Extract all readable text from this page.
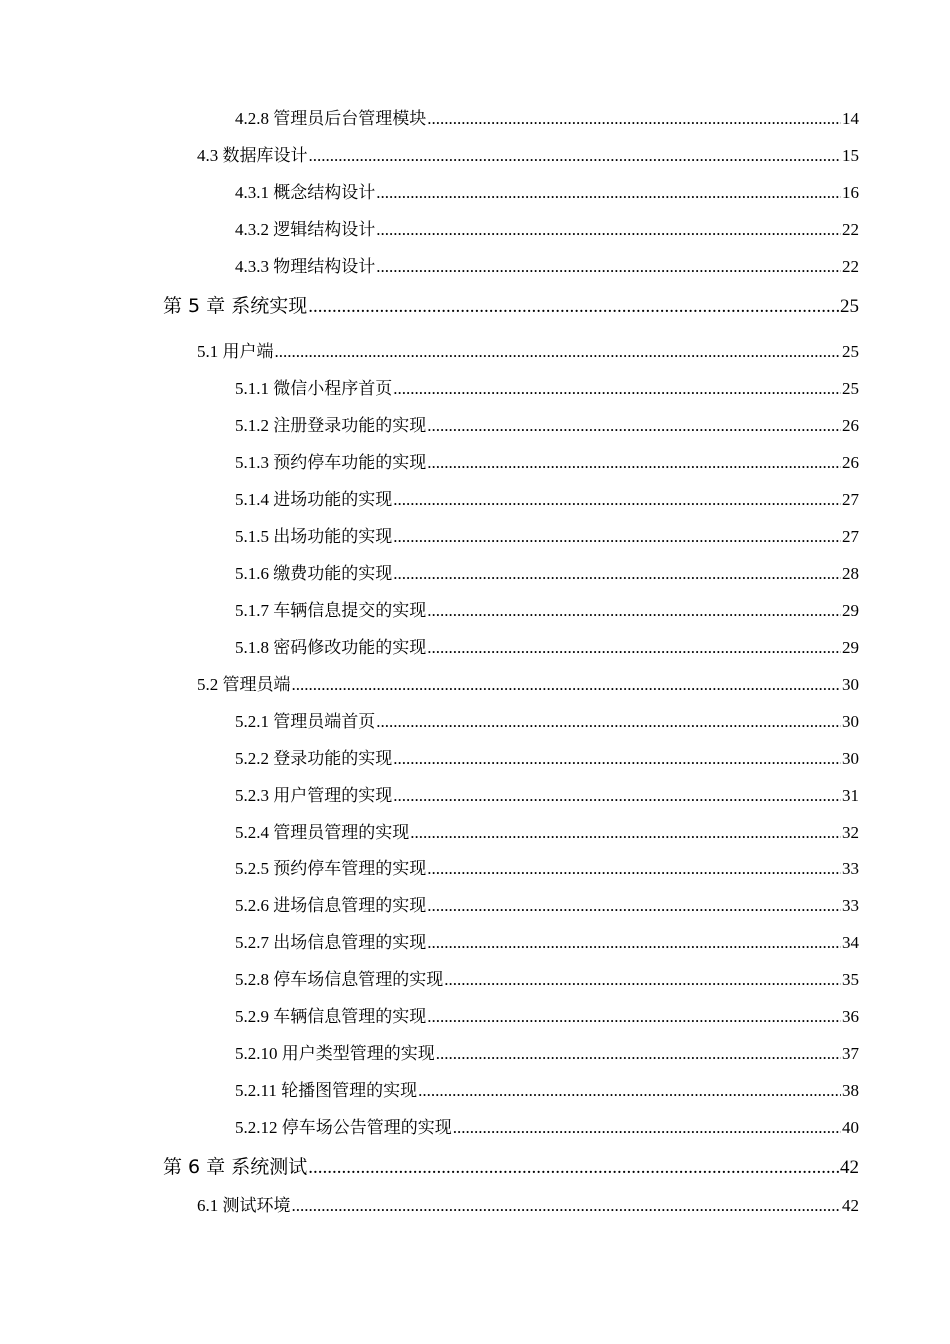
4.2.8 管理员后台管理模块 .....	14
4.3 数据库设计 .....	15
4.3.1 概念结构设计 .....	16
4.3.2 逻辑结构设计 .....	22
4.3.3 物理结构设计 .....	22
第 5 章 系统实现 .....	25
5.1 用户端 .....	25
5.1.1 微信小程序首页 .....	25
5.1.2 注册登录功能的实现 .....	26
5.1.3 预约停车功能的实现 .....	26
5.1.4 进场功能的实现 .....	27
5.1.5 出场功能的实现 .....	27
5.1.6 缴费功能的实现 .....	28
5.1.7 车辆信息提交的实现 .....	29
5.1.8 密码修改功能的实现 .....	29
5.2 管理员端 .....	30
5.2.1 管理员端首页 .....	30
5.2.2 登录功能的实现 .....	30
5.2.3 用户管理的实现 .....	31
5.2.4 管理员管理的实现 .....	32
5.2.5 预约停车管理的实现 .....	33
5.2.6 进场信息管理的实现 .....	33
5.2.7 出场信息管理的实现 .....	34
5.2.8 停车场信息管理的实现 .....	35
5.2.9 车辆信息管理的实现 .....	36
5.2.10 用户类型管理的实现 .....	37
5.2.11 轮播图管理的实现 .....	38
5.2.12 停车场公告管理的实现 .....	40
第 6 章 系统测试 .....	42
6.1 测试环境 .....	42
